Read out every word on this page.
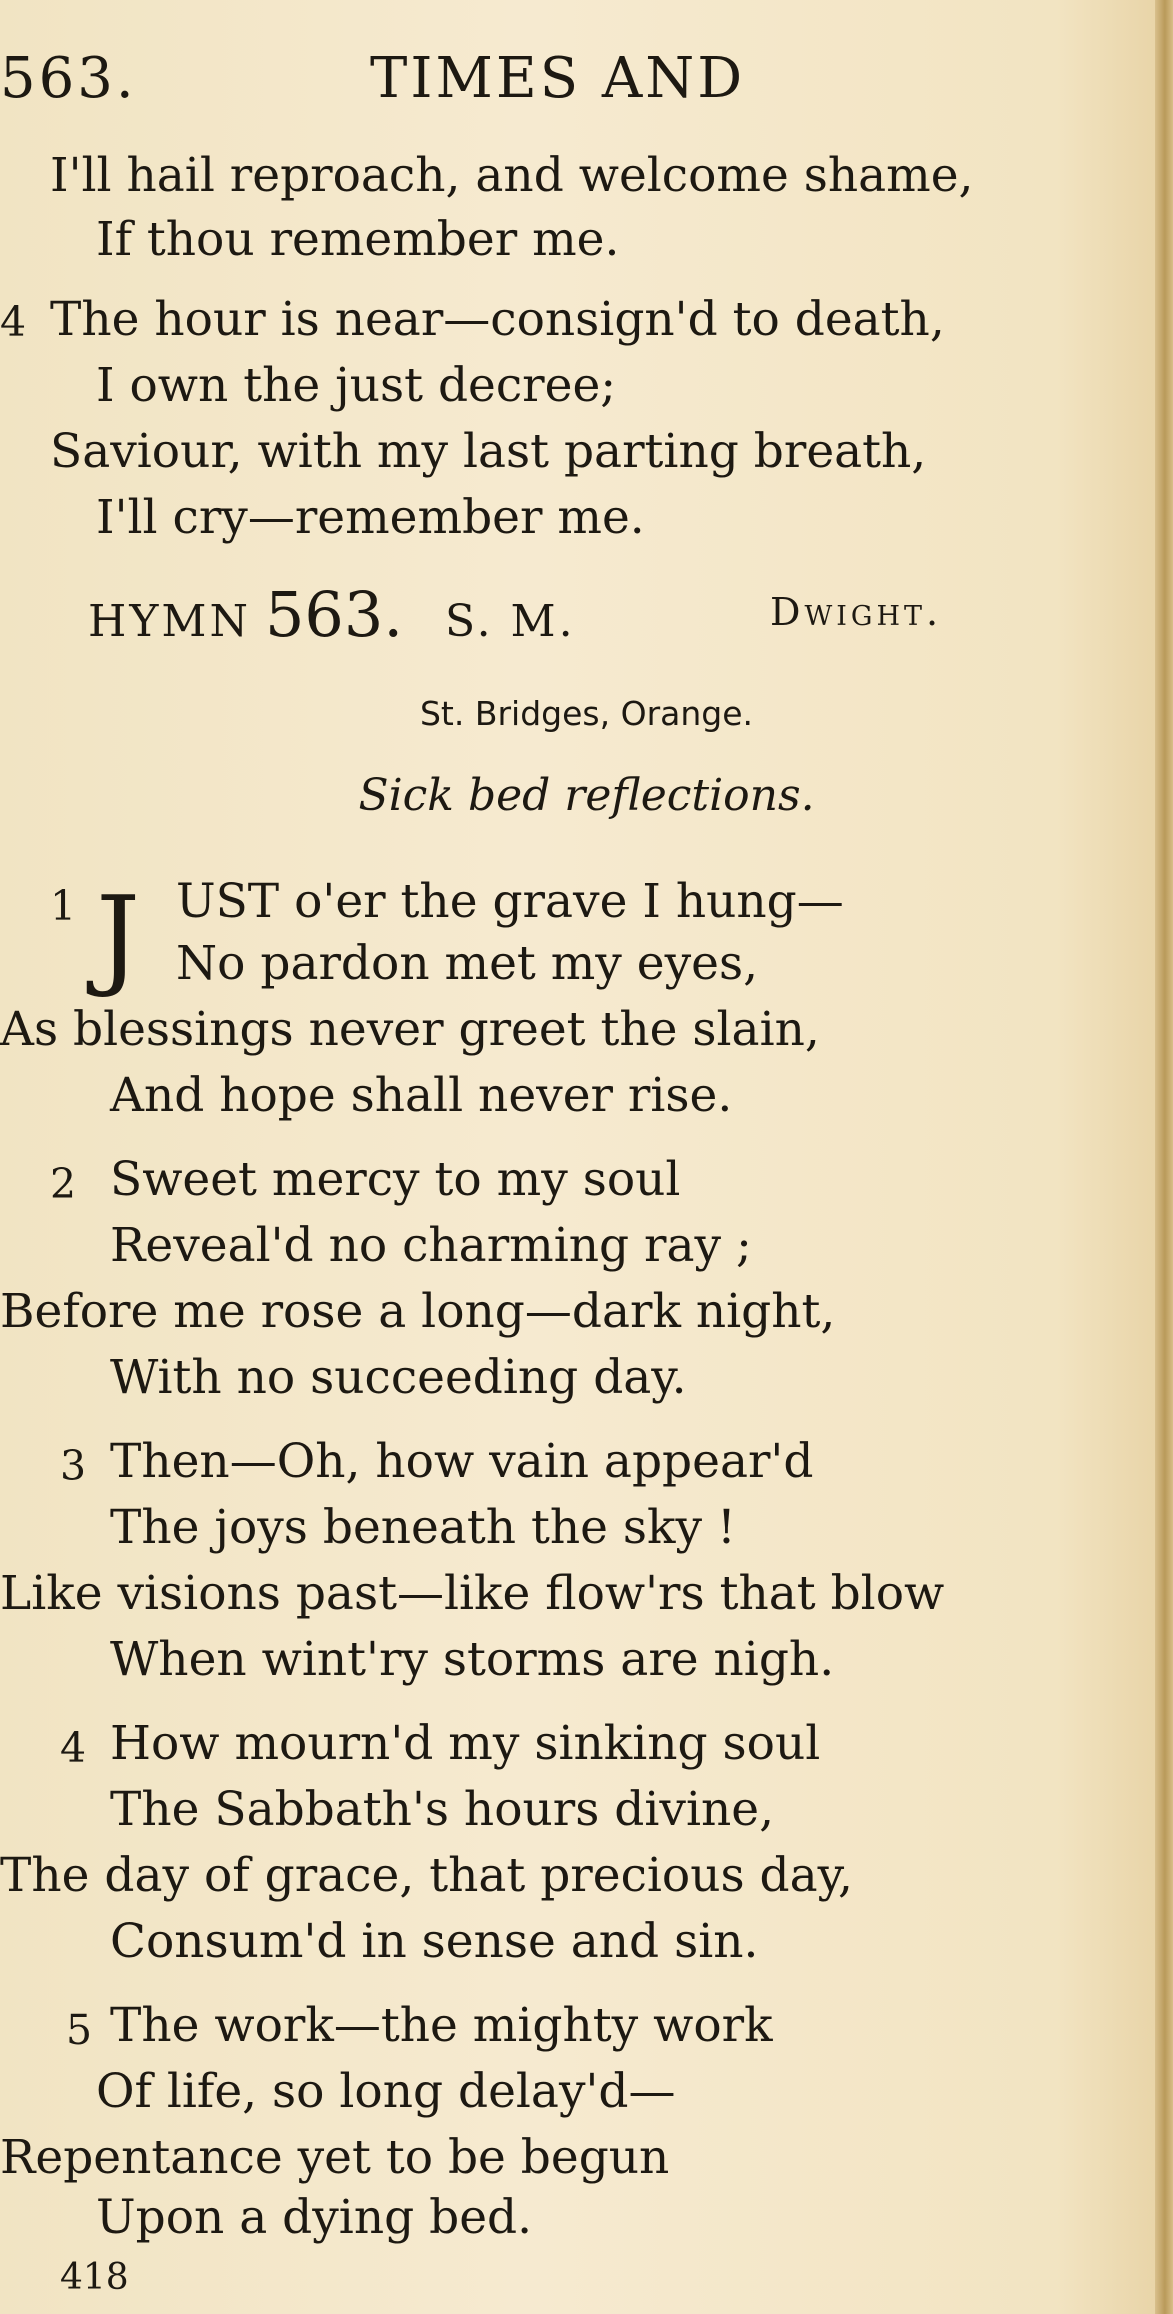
563.	TIMES AND
I'll hail reproach, and welcome shame,
If thou remember me.
4 The hour is near—consign'd to death,
I own the just decree;
Saviour, with my last parting breath,
I'll cry—remember me.
HYMN 563. S. M.	Dwight.
St. Bridges, Orange.
Sick bed reflections.
1 J UST o'er the grave I hung—
No pardon met my eyes,
As blessings never greet the slain,
And hope shall never rise.
2 Sweet mercy to my soul
Reveal'd no charming ray ;
Before me rose a long—dark night,
With no succeeding day.
3 Then—Oh, how vain appear'd
The joys beneath the sky !
Like visions past—like flow'rs that blow
When wint'ry storms are nigh.
4 How mourn'd my sinking soul
The Sabbath's hours divine,
The day of grace, that precious day,
Consum'd in sense and sin.
5 The work—the mighty work
Of life, so long delay'd—
Repentance yet to be begun
Upon a dying bed.
418
